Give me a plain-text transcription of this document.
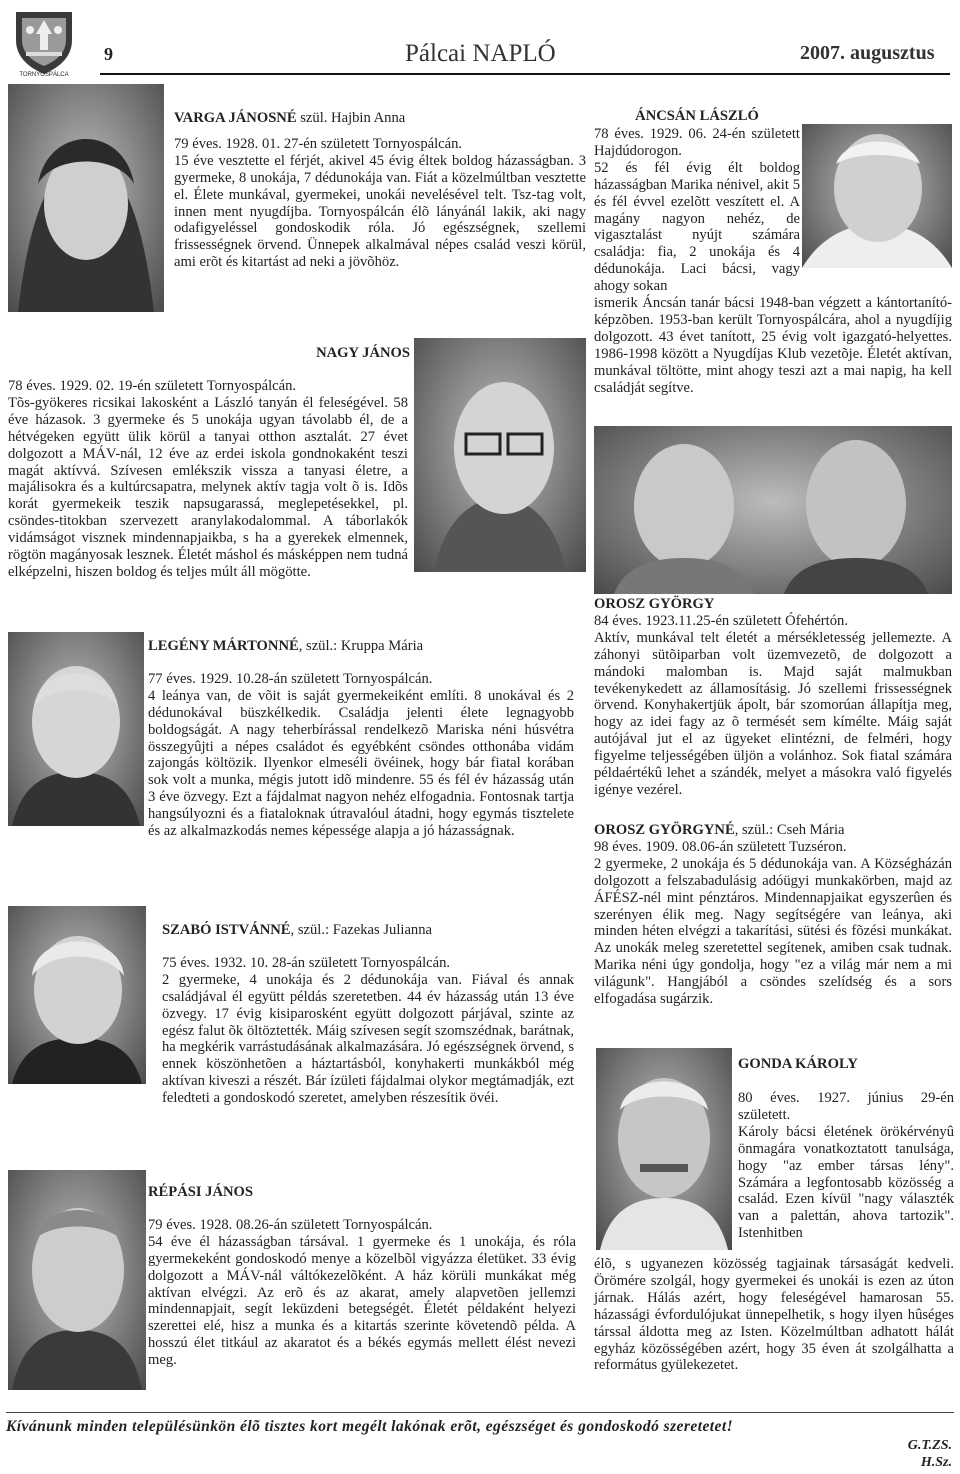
TORNYOSPÁLCA
9	Pálcai NAPLÓ	2007. augusztus

VARGA JÁNOSNÉ szül. Hajbin Anna

79 éves. 1928. 01. 27-én született Tornyospálcán.
15 éve vesztette el férjét, akivel 45 évig éltek boldog házasságban. 3 gyermeke, 8 unokája, 7 dédunokája van. Fiát a közelmúltban vesztette el. Élete munkával, gyermekei, unokái nevelésével telt. Tsz-tag volt, innen ment nyugdíjba. Tornyospálcán élõ lányánál lakik, aki nagy odafigyeléssel gondoskodik róla. Jó egészségnek, szellemi frissességnek örvend. Ünnepek alkalmával népes család veszi körül, ami erõt és kitartást ad neki a jövõhöz.

NAGY JÁNOS

78 éves. 1929. 02. 19-én született Tornyospálcán.
Tõs-gyökeres ricsikai lakosként a László tanyán él feleségével. 58 éve házasok. 3 gyermeke és 5 unokája ugyan távolabb él, de a hétvégeken együtt ülik körül a tanyai otthon asztalát. 27 évet dolgozott a MÁV-nál, 12 éve az erdei iskola gondnokaként teszi magát aktívvá. Szívesen emlékszik vissza a tanyasi életre, a majálisokra és a kultúrcsapatra, melynek aktív tagja volt õ is. Idõs korát gyermekeik teszik napsugarassá, meglepetésekkel, pl. csöndes-titokban szervezett aranylakodalommal. A táborlakók vidámságot visznek mindennapjaikba, s ha a gyerekek elmennek, rögtön magányosak lesznek. Életét máshol és másképpen nem tudná elképzelni, hiszen boldog és teljes múlt áll mögötte.

LEGÉNY MÁRTONNÉ, szül.: Kruppa Mária

77 éves. 1929. 10.28-án született Tornyospálcán.
4 leánya van, de võit is saját gyermekeiként említi. 8 unokával és 2 dédunokával büszkélkedik. Családja jelenti élete legnagyobb boldogságát. A nagy teherbírással rendelkezõ Mariska néni húsvétra összegyûjti a népes családot és egyébként csöndes otthonába vidám zajongás költözik. Ilyenkor elmeséli övéinek, hogy bár fiatal korában sok volt a munka, mégis jutott idõ mindenre. 55 és fél év házasság után 3 éve özvegy. Ezt a fájdalmat nagyon nehéz elfogadnia. Fontosnak tartja hangsúlyozni és a fiataloknak útravalóul átadni, hogy egymás tisztelete és az alkalmazkodás nemes képessége alapja a jó házasságnak.

SZABÓ ISTVÁNNÉ, szül.: Fazekas Julianna

75 éves. 1932. 10. 28-án született Tornyospálcán.
2 gyermeke, 4 unokája és 2 dédunokája van. Fiával és annak családjával él együtt példás szeretetben. 44 év házasság után 13 éve özvegy. 17 évig kisiparosként együtt dolgozott párjával, szinte az egész falut õk öltöztették. Máig szívesen segít szomszédnak, barátnak, ha megkérik varrástudásának alkalmazására. Jó egészségnek örvend, s ennek köszönhetõen a háztartásból, konyhakerti munkákból még aktívan kiveszi a részét. Bár ízületi fájdalmai olykor megtámadják, ezt feledteti a gondoskodó szeretet, amelyben részesítik övéi.

RÉPÁSI JÁNOS

79 éves. 1928. 08.26-án született Tornyospálcán.
54 éve él házasságban társával. 1 gyermeke és 1 unokája, és róla gyermekeként gondoskodó menye a közelbõl vigyázza életüket. 33 évig dolgozott a MÁV-nál váltókezelõként. A ház körüli munkákat még aktívan elvégzi. Az erõ és az akarat, amely alapvetõen jellemzi mindennapjait, segít leküzdeni betegségét. Életét példaként helyezi szerettei elé, hisz a munka és a kitartás szerinte követendõ példa. A hosszú élet titkául az akaratot és a békés egymás mellett élést nevezi meg.

ÁNCSÁN LÁSZLÓ
78 éves. 1929. 06. 24-én született Hajdúdorogon.
52 és fél évig élt boldog házasságban Marika nénivel, akit 5 és fél évvel ezelõtt veszített el. A magány nagyon nehéz, de vigasztalást nyújt számára családja: fia, 2 unokája és 4 dédunokája. Laci bácsi, vagy ahogy sokan
ismerik Áncsán tanár bácsi 1948-ban végzett a kántortanító-képzõben. 1953-ban került Tornyospálcára, ahol a nyugdíjig dolgozott. 43 évet tanított, 25 évig volt igazgató-helyettes. 1986-1998 között a Nyugdíjas Klub vezetõje. Életét aktívan, munkával töltötte, mint ahogy teszi azt a mai napig, ha kell családját segítve.

OROSZ GYÖRGY

84 éves. 1923.11.25-én született Ófehértón.
Aktív, munkával telt életét a mérsékletesség jellemezte. A záhonyi sütõiparban volt üzemvezetõ, de dolgozott a mándoki malomban is. Majd saját malmukban tevékenykedett az államosításig. Jó szellemi frissességnek örvend. Konyhakertjük ápolt, bár szomorúan állapítja meg, hogy az idei fagy az õ termését sem kímélte. Máig saját autójával jut el az ügyeket elintézni, de felméri, hogy figyelme teljességében üljön a volánhoz. Sok fiatal számára példaértékû lehet a szándék, melyet a másokra való figyelés igénye vezérel.

OROSZ GYÖRGYNÉ, szül.: Cseh Mária

98 éves. 1909. 08.06-án született Tuzséron.
2 gyermeke, 2 unokája és 5 dédunokája van. A Községházán dolgozott a felszabadulásig adóügyi munkakörben, majd az ÁFÉSZ-nél mint pénztáros. Mindennapjaikat egyszerûen és szerényen élik meg. Nagy segítségére van leánya, aki minden héten elvégzi a takarítási, sütési és fõzési munkákat. Az unokák meleg szeretettel segítenek, amiben csak tudnak. Marika néni úgy gondolja, hogy "ez a világ már nem a mi világunk". Hangjából a csöndes szelídség és a sors elfogadása sugárzik.

GONDA KÁROLY
80 éves. 1927. június 29-én született.
Károly bácsi életének örökérvényû önmagára vonatkoztatott tanulsága, hogy "az ember társas lény". Számára a legfontosabb közösség a család. Ezen kívül "nagy választék van a palettán, ahova tartozik". Istenhitben
élõ, s ugyanezen közösség tagjainak társaságát kedveli. Örömére szolgál, hogy gyermekei és unokái is ezen az úton járnak. Hálás azért, hogy feleségével hamarosan 55. házassági évfordulójukat ünnepelhetik, s hogy ilyen hûséges társsal áldotta meg az Isten. Közelmúltban adhatott hálát egyház közösségében azért, hogy 35 éven át szolgálhatta a református gyülekezetet.
Kívánunk minden településünkön élõ tisztes kort megélt lakónak erõt, egészséget és gondoskodó szeretetet!
G.T.ZS.
H.Sz.
